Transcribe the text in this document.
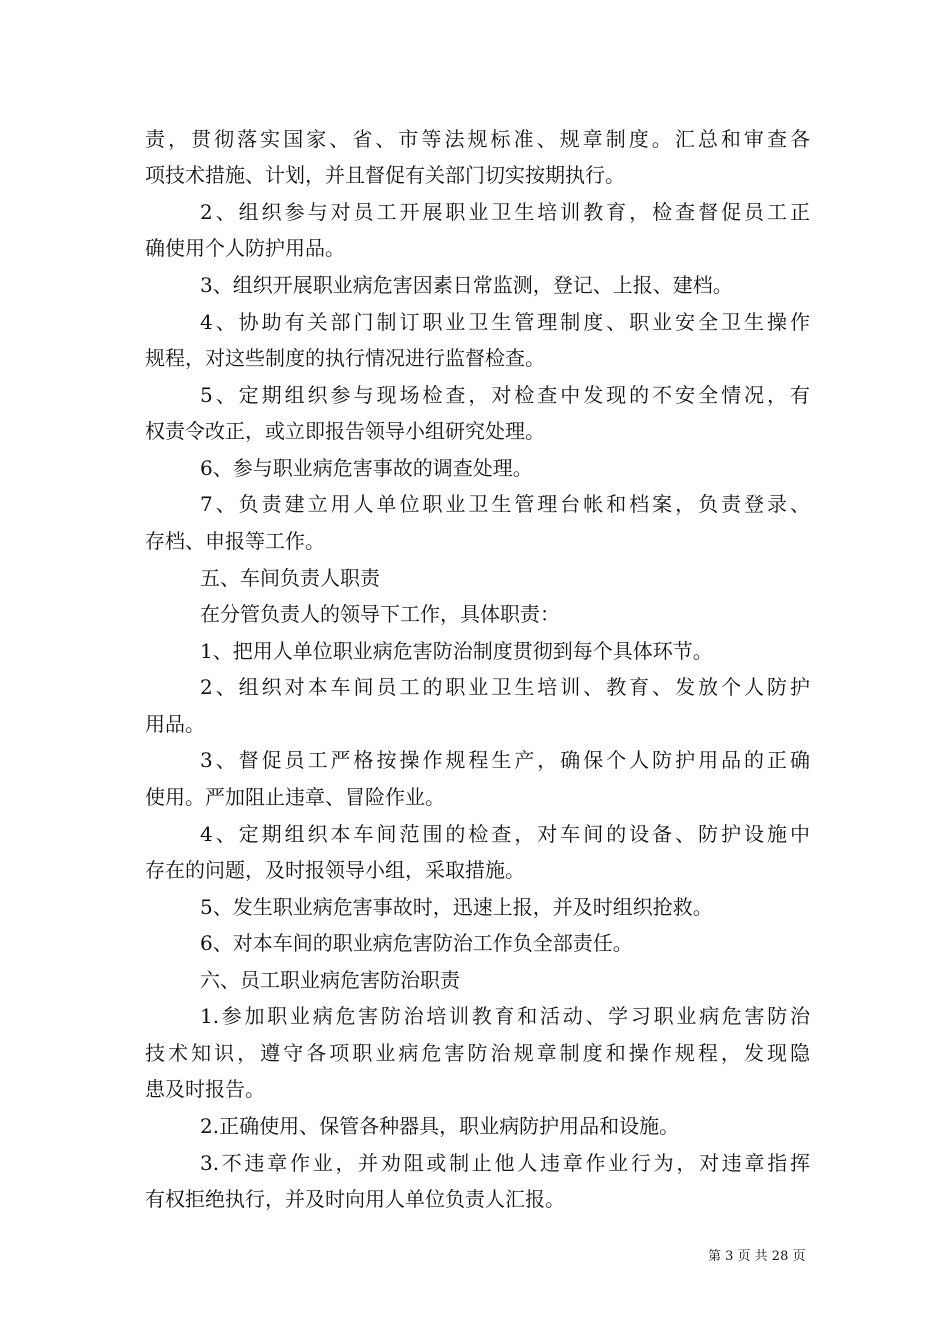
责，贯彻落实国家、省、市等法规标准、规章制度。汇总和审查各
项技术措施、计划，并且督促有关部门切实按期执行。
2、组织参与对员工开展职业卫生培训教育，检查督促员工正
确使用个人防护用品。
3、组织开展职业病危害因素日常监测，登记、上报、建档。
4、协助有关部门制订职业卫生管理制度、职业安全卫生操作
规程，对这些制度的执行情况进行监督检查。
5、定期组织参与现场检查，对检查中发现的不安全情况，有
权责令改正，或立即报告领导小组研究处理。
6、参与职业病危害事故的调查处理。
7、负责建立用人单位职业卫生管理台帐和档案，负责登录、
存档、申报等工作。
五、车间负责人职责
在分管负责人的领导下工作，具体职责：
1、把用人单位职业病危害防治制度贯彻到每个具体环节。
2、组织对本车间员工的职业卫生培训、教育、发放个人防护
用品。
3、督促员工严格按操作规程生产，确保个人防护用品的正确
使用。严加阻止违章、冒险作业。
4、定期组织本车间范围的检查，对车间的设备、防护设施中
存在的问题，及时报领导小组，采取措施。
5、发生职业病危害事故时，迅速上报，并及时组织抢救。
6、对本车间的职业病危害防治工作负全部责任。
六、员工职业病危害防治职责
1.参加职业病危害防治培训教育和活动、学习职业病危害防治
技术知识，遵守各项职业病危害防治规章制度和操作规程，发现隐
患及时报告。
2.正确使用、保管各种器具，职业病防护用品和设施。
3.不违章作业，并劝阻或制止他人违章作业行为，对违章指挥
有权拒绝执行，并及时向用人单位负责人汇报。
第 3 页 共 28 页
